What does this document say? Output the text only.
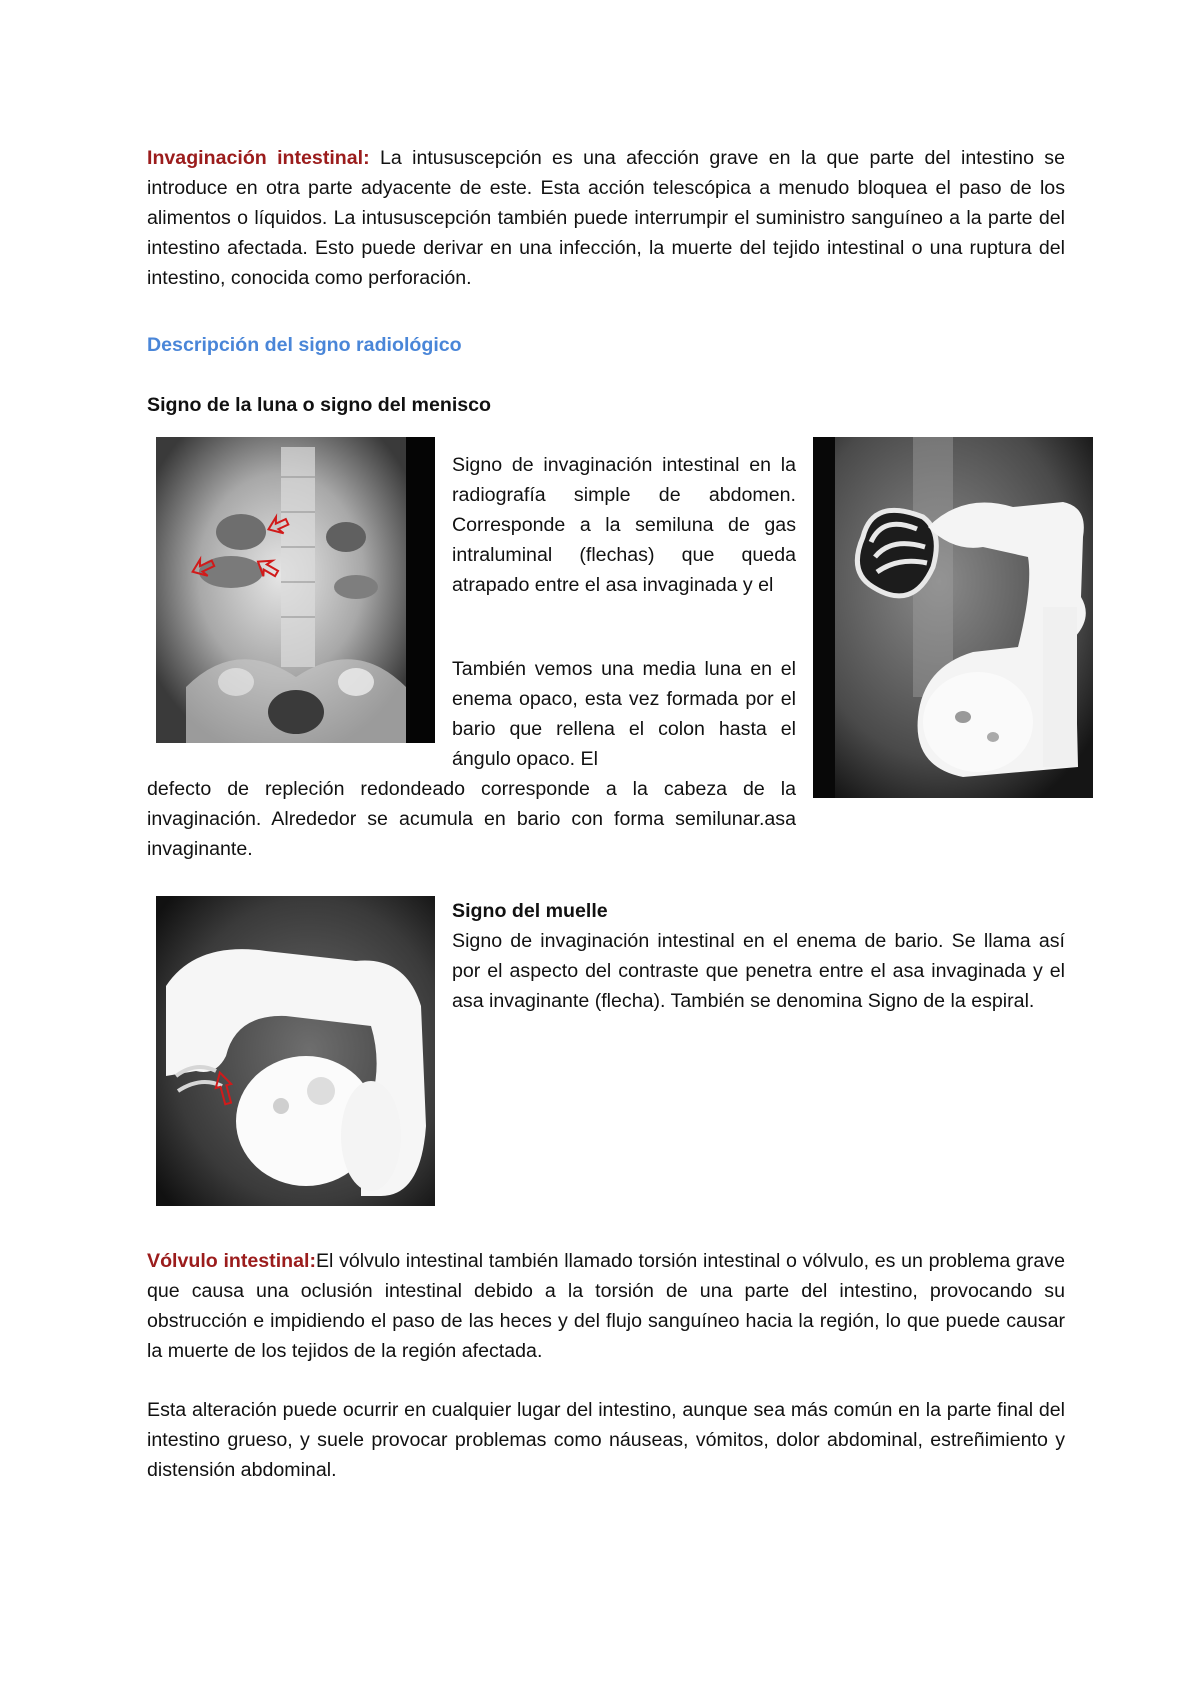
Invaginación intestinal: La intususcepción es una afección grave en la que parte del intestino se introduce en otra parte adyacente de este. Esta acción telescópica a menudo bloquea el paso de los alimentos o líquidos. La intususcepción también puede interrumpir el suministro sanguíneo a la parte del intestino afectada. Esto puede derivar en una infección, la muerte del tejido intestinal o una ruptura del intestino, conocida como perforación.

Descripción del signo radiológico

Signo de la luna o signo del menisco

Signo de invaginación intestinal en la radiografía simple de abdomen. Corresponde a la semiluna de gas intraluminal (flechas) que queda atrapado entre el asa invaginada y el

También vemos una media luna en el enema opaco, esta vez formada por el bario que rellena el colon hasta el ángulo opaco. El

defecto de repleción redondeado corresponde a la cabeza de la invaginación. Alrededor se acumula en bario con forma semilunar.asa invaginante.

Signo del muelle
Signo de invaginación intestinal en el enema de bario. Se llama así por el aspecto del contraste que penetra entre el asa invaginada y el asa invaginante (flecha). También se denomina Signo de la espiral.

Vólvulo intestinal:El vólvulo intestinal también llamado torsión intestinal o vólvulo, es un problema grave que causa una oclusión intestinal debido a la torsión de una parte del intestino, provocando su obstrucción e impidiendo el paso de las heces y del flujo sanguíneo hacia la región, lo que puede causar la muerte de los tejidos de la región afectada.

Esta alteración puede ocurrir en cualquier lugar del intestino, aunque sea más común en la parte final del intestino grueso, y suele provocar problemas como náuseas, vómitos, dolor abdominal, estreñimiento y distensión abdominal.
